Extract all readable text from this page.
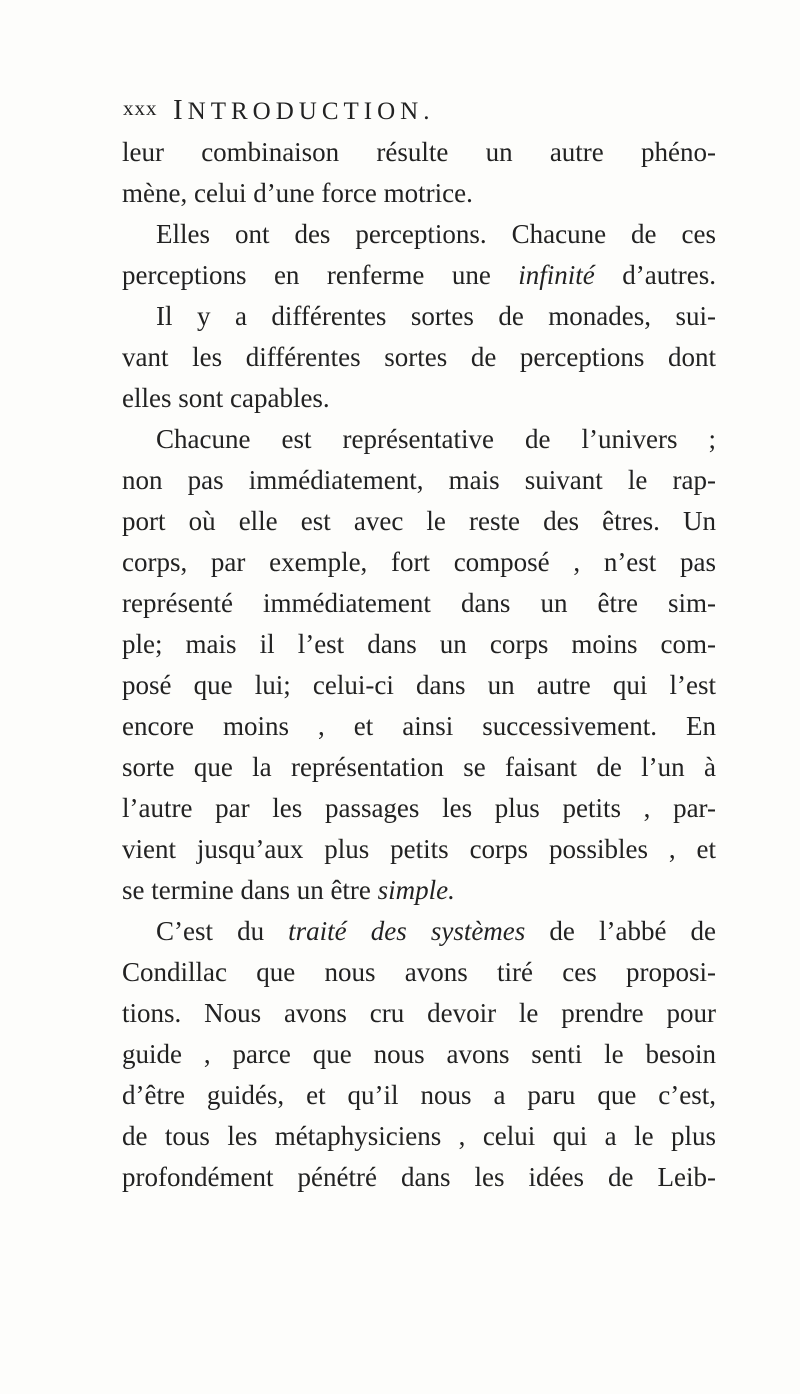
xxx INTRODUCTION.
leur combinaison résulte un autre phéno-
mène, celui d’une force motrice.
Elles ont des perceptions. Chacune de ces
perceptions en renferme une infinité d’autres.
Il y a différentes sortes de monades, sui-
vant les différentes sortes de perceptions dont
elles sont capables.
Chacune est représentative de l’univers ;
non pas immédiatement, mais suivant le rap-
port où elle est avec le reste des êtres. Un
corps, par exemple, fort composé , n’est pas
représenté immédiatement dans un être sim-
ple; mais il l’est dans un corps moins com-
posé que lui; celui-ci dans un autre qui l’est
encore moins , et ainsi successivement. En
sorte que la représentation se faisant de l’un à
l’autre par les passages les plus petits , par-
vient jusqu’aux plus petits corps possibles , et
se termine dans un être simple.
C’est du traité des systèmes de l’abbé de
Condillac que nous avons tiré ces proposi-
tions. Nous avons cru devoir le prendre pour
guide , parce que nous avons senti le besoin
d’être guidés, et qu’il nous a paru que c’est,
de tous les métaphysiciens , celui qui a le plus
profondément pénétré dans les idées de Leib-
